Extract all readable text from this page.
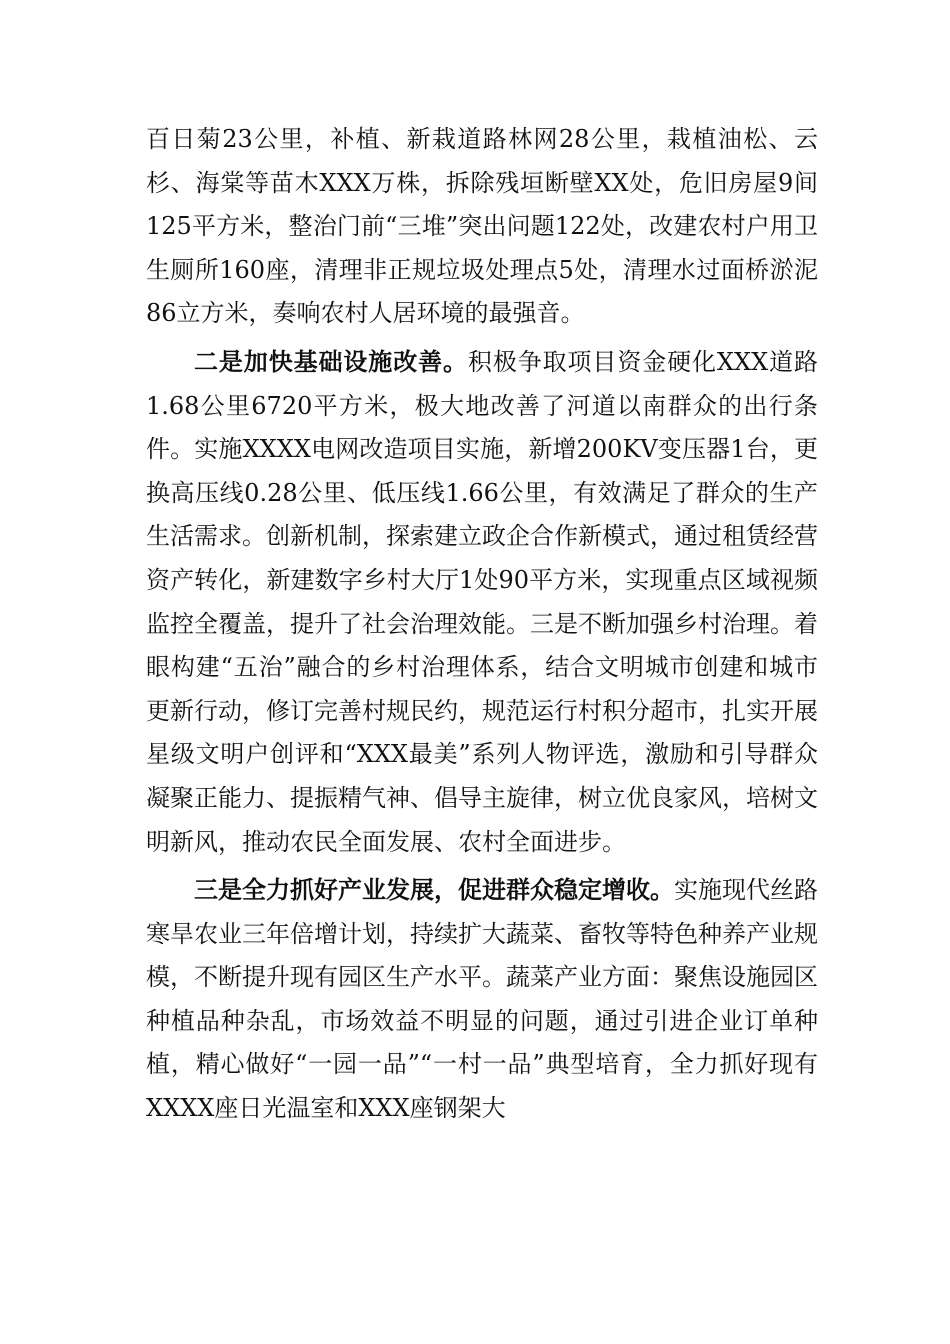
百日菊23公里，补植、新栽道路林网28公里，栽植油松、云杉、海棠等苗木XXX万株，拆除残垣断壁XX处，危旧房屋9间125平方米，整治门前“三堆”突出问题122处，改建农村户用卫生厕所160座，清理非正规垃圾处理点5处，清理水过面桥淤泥86立方米，奏响农村人居环境的最强音。

二是加快基础设施改善。积极争取项目资金硬化XXX道路1.68公里6720平方米，极大地改善了河道以南群众的出行条件。实施XXXX电网改造项目实施，新增200KV变压器1台，更换高压线0.28公里、低压线1.66公里，有效满足了群众的生产生活需求。创新机制，探索建立政企合作新模式，通过租赁经营资产转化，新建数字乡村大厅1处90平方米，实现重点区域视频监控全覆盖，提升了社会治理效能。三是不断加强乡村治理。着眼构建“五治”融合的乡村治理体系，结合文明城市创建和城市更新行动，修订完善村规民约，规范运行村积分超市，扎实开展星级文明户创评和“XXX最美”系列人物评选，激励和引导群众凝聚正能力、提振精气神、倡导主旋律，树立优良家风，培树文明新风，推动农民全面发展、农村全面进步。

三是全力抓好产业发展，促进群众稳定增收。实施现代丝路寒旱农业三年倍增计划，持续扩大蔬菜、畜牧等特色种养产业规模，不断提升现有园区生产水平。蔬菜产业方面：聚焦设施园区种植品种杂乱，市场效益不明显的问题，通过引进企业订单种植，精心做好“一园一品”“一村一品”典型培育，全力抓好现有XXXX座日光温室和XXX座钢架大
